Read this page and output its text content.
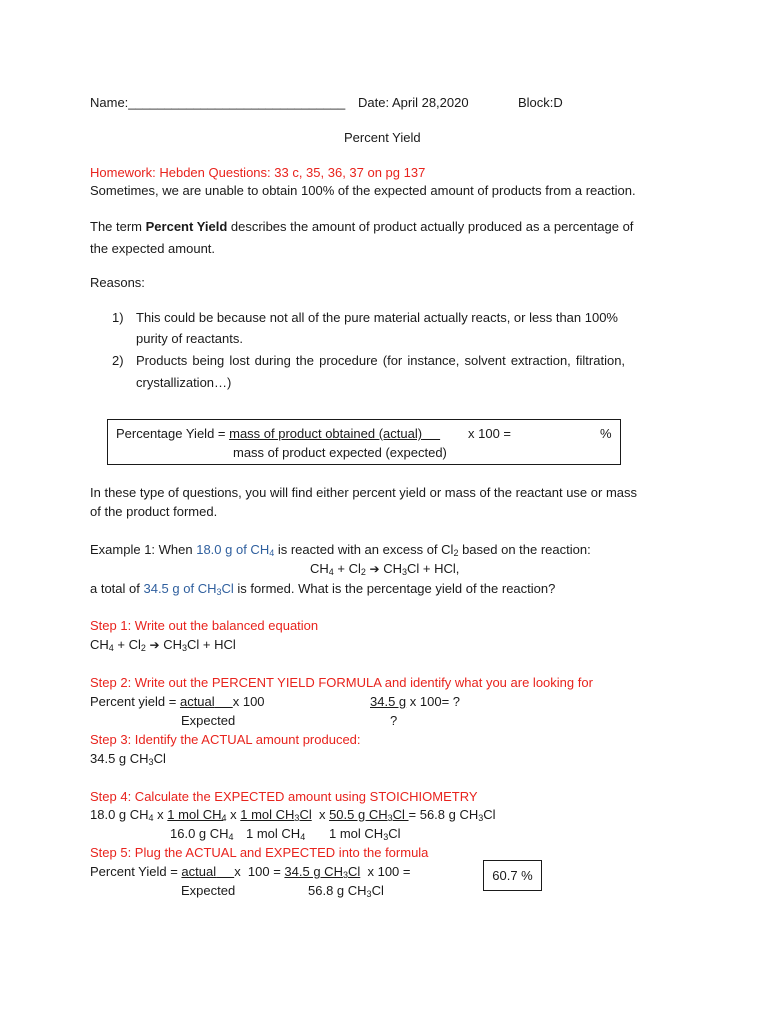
Name:______________________________ Date: April 28,2020	Block:D
Percent Yield
Homework: Hebden Questions: 33 c, 35, 36, 37 on pg 137
Sometimes, we are unable to obtain 100% of the expected amount of products from a reaction.
The term Percent Yield describes the amount of product actually produced as a percentage of
the expected amount.
Reasons:
1) This could be because not all of the pure material actually reacts, or less than 100%
purity of reactants.
2) Products being lost during the procedure (for instance, solvent extraction, filtration,
crystallization…)
Percentage Yield = mass of product obtained (actual)	x 100 =	%
mass of product expected (expected)
In these type of questions, you will find either percent yield or mass of the reactant use or mass
of the product formed.
Example 1: When 18.0 g of $CH_4$ is reacted with an excess of $Cl_2$ based on the reaction:
$CH_4 + Cl_2$ ➔ $CH_3Cl$ + HCl,
a total of 34.5 g of $CH_3Cl$ is formed. What is the percentage yield of the reaction?
Step 1: Write out the balanced equation
$CH_4 + Cl_2$ ➔ $CH_3Cl$ + HCl
Step 2: Write out the PERCENT YIELD FORMULA and identify what you are looking for
Percent yield = actual x 100
Expected
34.5 g x 100= ?
?
Step 3: Identify the ACTUAL amount produced:
34.5 g $CH_3Cl$
Step 4: Calculate the EXPECTED amount using STOICHIOMETRY
18.0 g $CH_4$ x 1 mol $CH_4$ x 1 mol $CH_3Cl$  x 50.5 g $CH_3Cl = 56.8$ g $CH_3Cl$
16.0 g $CH_4$ 1 mol $CH_4$ 1 mol $CH_3Cl$
Step 5: Plug the ACTUAL and EXPECTED into the formula
Percent Yield = actual x  100 = 34.5 g $CH_3Cl$  x 100 =
Expected	56.8 g $CH_3Cl$
60.7 %
